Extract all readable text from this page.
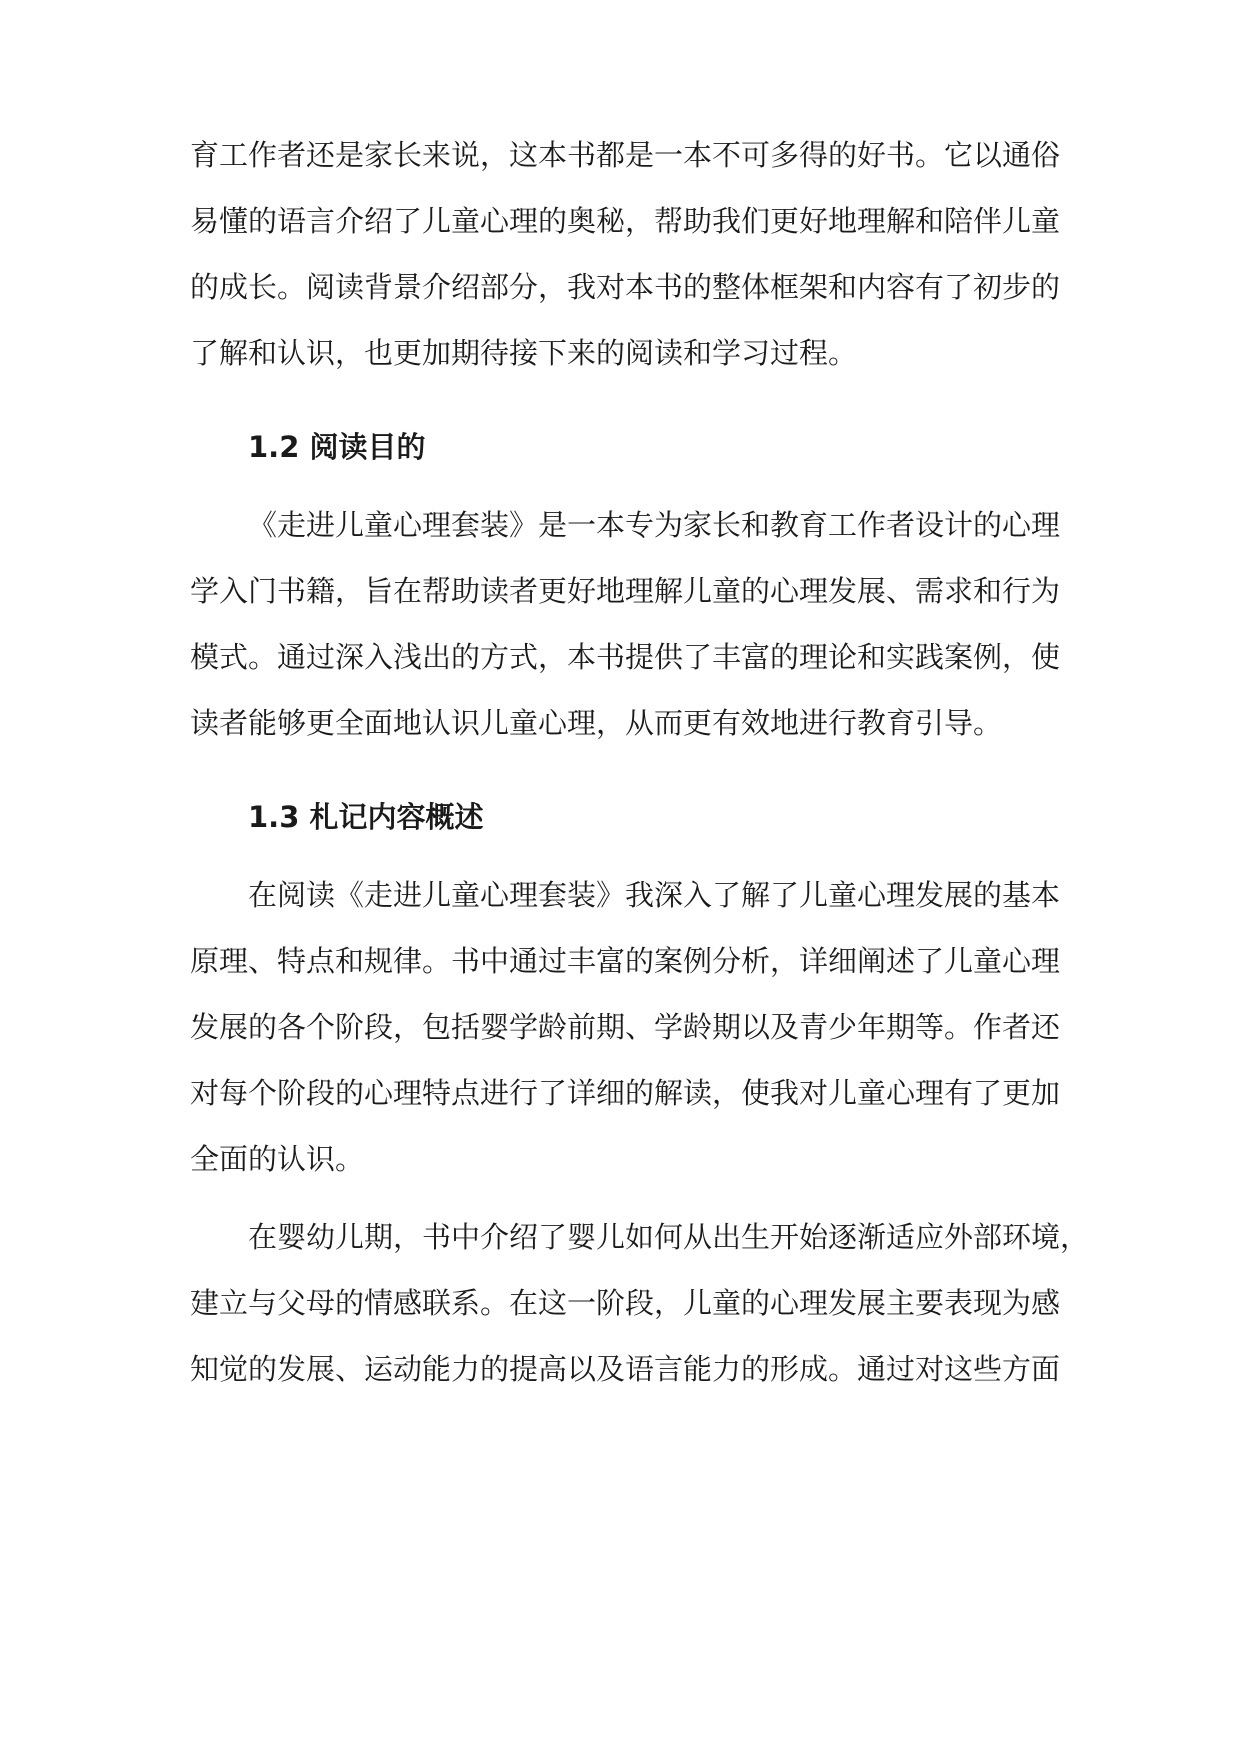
育工作者还是家长来说，这本书都是一本不可多得的好书。它以通俗
易懂的语言介绍了儿童心理的奥秘，帮助我们更好地理解和陪伴儿童
的成长。阅读背景介绍部分，我对本书的整体框架和内容有了初步的
了解和认识，也更加期待接下来的阅读和学习过程。
1.2 阅读目的
《走进儿童心理套装》是一本专为家长和教育工作者设计的心理
学入门书籍，旨在帮助读者更好地理解儿童的心理发展、需求和行为
模式。通过深入浅出的方式，本书提供了丰富的理论和实践案例，使
读者能够更全面地认识儿童心理，从而更有效地进行教育引导。
1.3 札记内容概述
在阅读《走进儿童心理套装》我深入了解了儿童心理发展的基本
原理、特点和规律。书中通过丰富的案例分析，详细阐述了儿童心理
发展的各个阶段，包括婴学龄前期、学龄期以及青少年期等。作者还
对每个阶段的心理特点进行了详细的解读，使我对儿童心理有了更加
全面的认识。
在婴幼儿期，书中介绍了婴儿如何从出生开始逐渐适应外部环境，
建立与父母的情感联系。在这一阶段，儿童的心理发展主要表现为感
知觉的发展、运动能力的提高以及语言能力的形成。通过对这些方面
